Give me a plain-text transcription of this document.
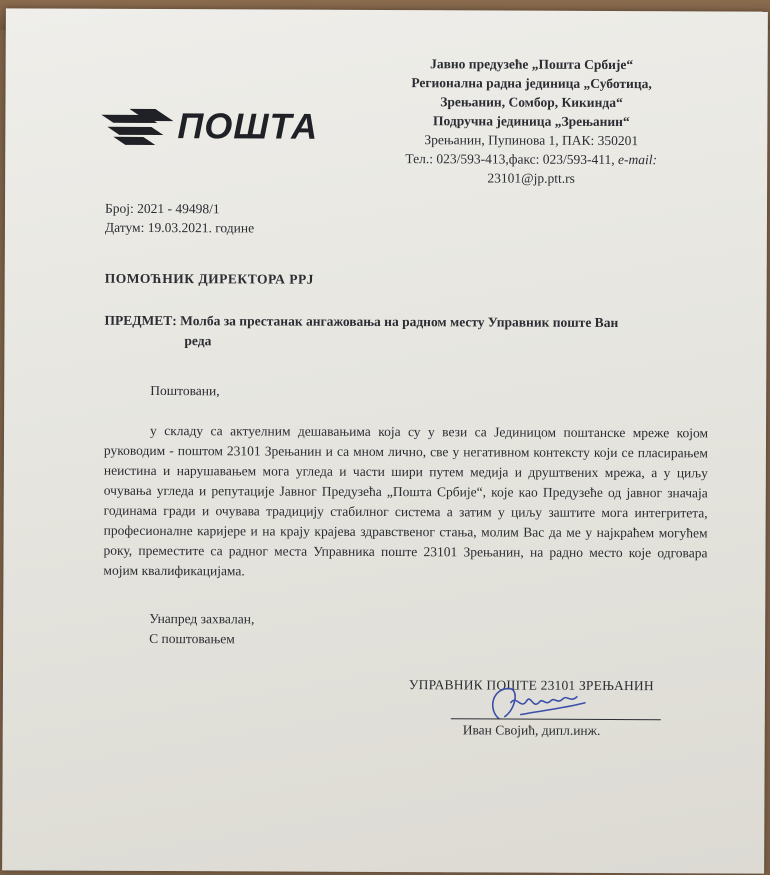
ПОШТА
Јавно предузеће „Пошта Србије“
Регионална радна јединица „Суботица,
Зрењанин, Сомбор, Кикинда“
Подручна јединица „Зрењанин“
Зрењанин, Пупинова 1, ПАК: 350201
Тел.: 023/593-413,факс: 023/593-411, e-mail:
23101@jp.ptt.rs
Број: 2021 - 49498/1
Датум: 19.03.2021. године
ПОМОЋНИК ДИРЕКТОРА РРЈ
ПРЕДМЕТ: Молба за престанак ангажовања на радном месту Управник поште Ван
реда
Поштовани,
у складу са актуелним дешавањима која су у вези са Јединицом поштанске мреже којом руководим - поштом 23101 Зрењанин и са мном лично, све у негативном контексту који се пласирањем неистина и нарушавањем мога угледа и части шири путем медија и друштвених мрежа, а у циљу очувања угледа и репутације Јавног Предузећа „Пошта Србије“, које као Предузеће од јавног значаја годинама гради и очувава традицију стабилног система а затим у циљу заштите мога интегритета, професионалне каријере и на крају крајева здравственог стања, молим Вас да ме у најкраћем могућем року, преместите са радног места Управника поште 23101 Зрењанин, на радно место које одговара мојим квалификацијама.
Унапред захвалан,
С поштовањем
УПРАВНИК ПОШТЕ 23101 ЗРЕЊАНИН
Иван Својић, дипл.инж.
